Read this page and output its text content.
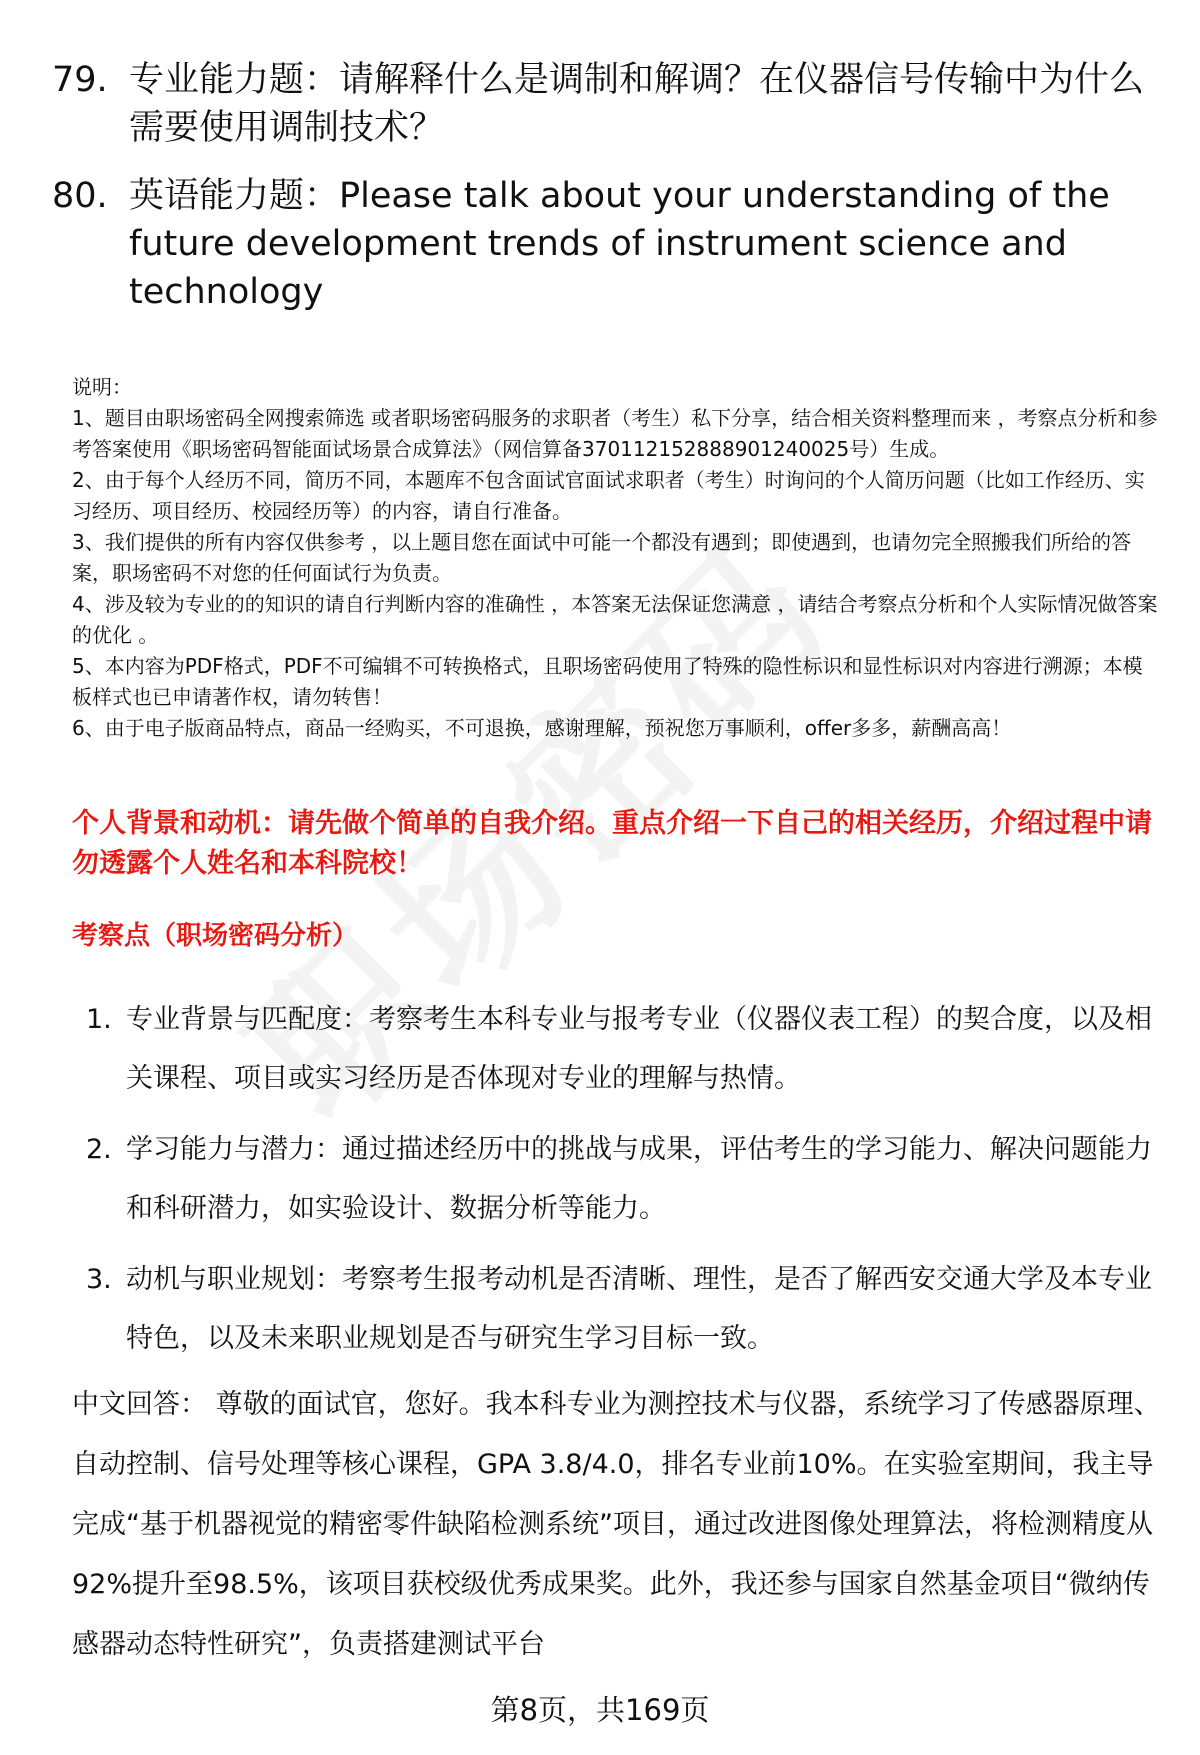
79. 专业能力题：请解释什么是调制和解调？在仪器信号传输中为什么需要使用调制技术？
80. 英语能力题：Please talk about your understanding of the future development trends of instrument science and technology

说明：

1、题目由职场密码全网搜索筛选 或者职场密码服务的求职者（考生）私下分享，结合相关资料整理而来 ，考察点分析和参考答案使用《职场密码智能面试场景合成算法》（网信算备370112152888901240025号）生成。

2、由于每个人经历不同，简历不同，本题库不包含面试官面试求职者（考生）时询问的个人简历问题（比如工作经历、实习经历、项目经历、校园经历等）的内容，请自行准备。

3、我们提供的所有内容仅供参考 ，以上题目您在面试中可能一个都没有遇到；即使遇到，也请勿完全照搬我们所给的答案，职场密码不对您的任何面试行为负责。

4、涉及较为专业的的知识的请自行判断内容的准确性 ，本答案无法保证您满意 ，请结合考察点分析和个人实际情况做答案的优化 。

5、本内容为PDF格式，PDF不可编辑不可转换格式，且职场密码使用了特殊的隐性标识和显性标识对内容进行溯源；本模板样式也已申请著作权，请勿转售！

6、由于电子版商品特点，商品一经购买，不可退换，感谢理解，预祝您万事顺利，offer多多，薪酬高高！

个人背景和动机：请先做个简单的自我介绍。重点介绍一下自己的相关经历，介绍过程中请勿透露个人姓名和本科院校！
考察点（职场密码分析）
1. 专业背景与匹配度：考察考生本科专业与报考专业（仪器仪表工程）的契合度，以及相关课程、项目或实习经历是否体现对专业的理解与热情。
2. 学习能力与潜力：通过描述经历中的挑战与成果，评估考生的学习能力、解决问题能力和科研潜力，如实验设计、数据分析等能力。
3. 动机与职业规划：考察考生报考动机是否清晰、理性，是否了解西安交通大学及本专业特色，以及未来职业规划是否与研究生学习目标一致。

中文回答： 尊敬的面试官，您好。我本科专业为测控技术与仪器，系统学习了传感器原理、自动控制、信号处理等核心课程，GPA 3.8/4.0，排名专业前10%。在实验室期间，我主导完成“基于机器视觉的精密零件缺陷检测系统”项目，通过改进图像处理算法，将检测精度从92%提升至98.5%，该项目获校级优秀成果奖。此外，我还参与国家自然基金项目“微纳传感器动态特性研究”，负责搭建测试平台

第8页，共169页
